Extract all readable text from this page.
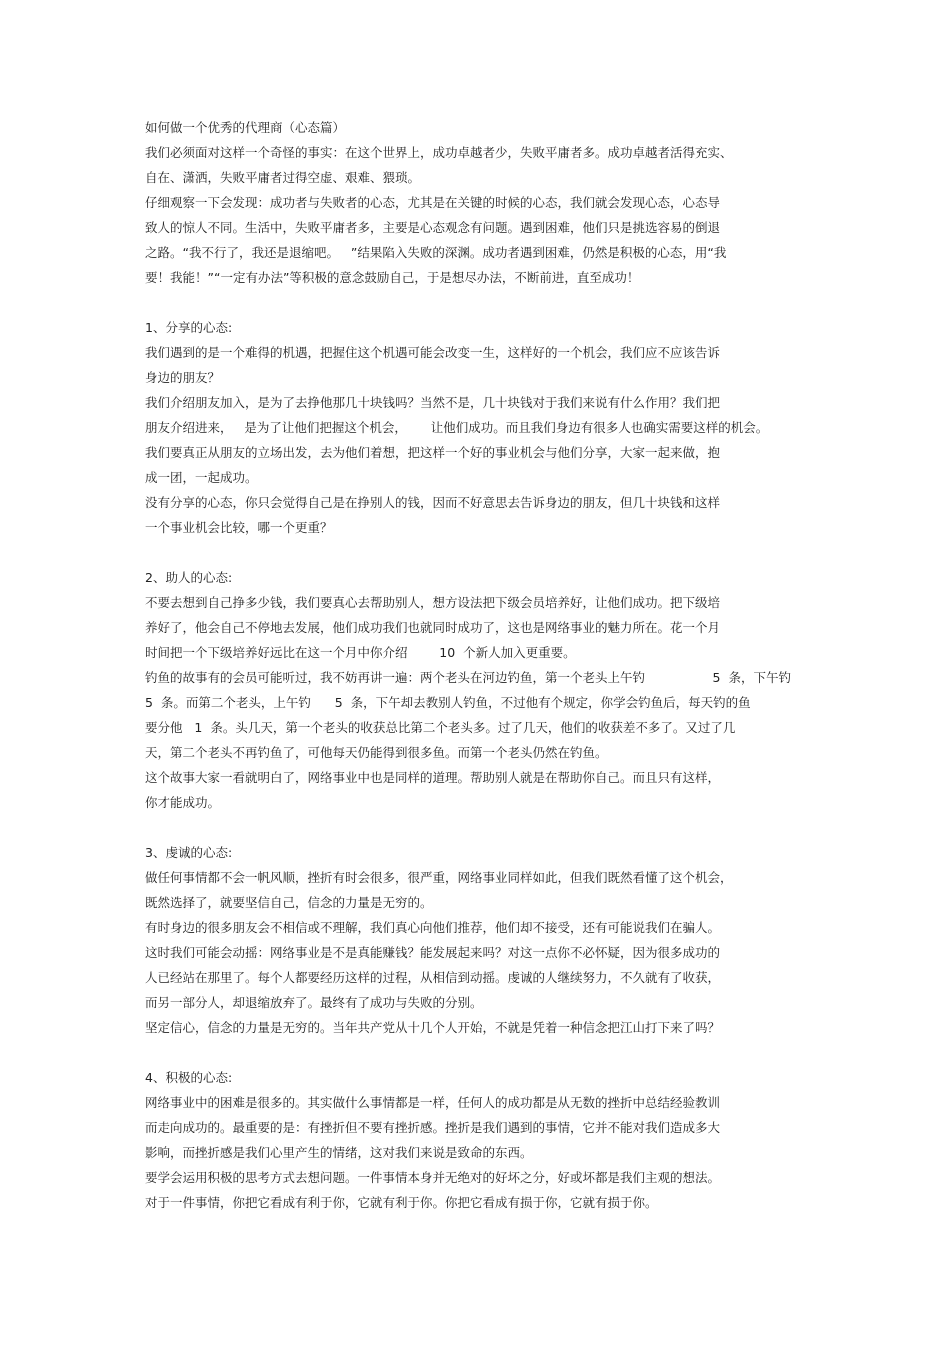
如何做一个优秀的代理商（心态篇）
我们必须面对这样一个奇怪的事实：在这个世界上，成功卓越者少，失败平庸者多。成功卓越者活得充实、
自在、潇洒，失败平庸者过得空虚、艰难、猥琐。
仔细观察一下会发现：成功者与失败者的心态，尤其是在关键的时候的心态，我们就会发现心态，心态导
致人的惊人不同。生活中，失败平庸者多，主要是心态观念有问题。遇到困难，他们只是挑选容易的倒退
之路。“我不行了，我还是退缩吧。   ”结果陷入失败的深渊。成功者遇到困难，仍然是积极的心态，用“我
要！我能！”“一定有办法”等积极的意念鼓励自己，于是想尽办法，不断前进，直至成功！
1、分享的心态:
我们遇到的是一个难得的机遇，把握住这个机遇可能会改变一生，这样好的一个机会，我们应不应该告诉
身边的朋友？
我们介绍朋友加入，是为了去挣他那几十块钱吗？当然不是，几十块钱对于我们来说有什么作用？我们把
朋友介绍进来，   是为了让他们把握这个机会，      让他们成功。而且我们身边有很多人也确实需要这样的机会。
我们要真正从朋友的立场出发，去为他们着想，把这样一个好的事业机会与他们分享，大家一起来做，抱
成一团，一起成功。
没有分享的心态，你只会觉得自己是在挣别人的钱，因而不好意思去告诉身边的朋友，但几十块钱和这样
一个事业机会比较，哪一个更重？
2、助人的心态:
不要去想到自己挣多少钱，我们要真心去帮助别人，想方设法把下级会员培养好，让他们成功。把下级培
养好了，他会自己不停地去发展，他们成功我们也就同时成功了，这也是网络事业的魅力所在。花一个月
时间把一个下级培养好远比在这一个月中你介绍        10  个新人加入更重要。
钓鱼的故事有的会员可能听过，我不妨再讲一遍：两个老头在河边钓鱼，第一个老头上午钓                 5  条，下午钓
5  条。而第二个老头，上午钓      5  条，下午却去教别人钓鱼，不过他有个规定，你学会钓鱼后，每天钓的鱼
要分他   1  条。头几天，第一个老头的收获总比第二个老头多。过了几天，他们的收获差不多了。又过了几
天，第二个老头不再钓鱼了，可他每天仍能得到很多鱼。而第一个老头仍然在钓鱼。
这个故事大家一看就明白了，网络事业中也是同样的道理。帮助别人就是在帮助你自己。而且只有这样，
你才能成功。
3、虔诚的心态:
做任何事情都不会一帆风顺，挫折有时会很多，很严重，网络事业同样如此，但我们既然看懂了这个机会，
既然选择了，就要坚信自己，信念的力量是无穷的。
有时身边的很多朋友会不相信或不理解，我们真心向他们推荐，他们却不接受，还有可能说我们在骗人。
这时我们可能会动摇：网络事业是不是真能赚钱？能发展起来吗？对这一点你不必怀疑，因为很多成功的
人已经站在那里了。每个人都要经历这样的过程，从相信到动摇。虔诚的人继续努力，不久就有了收获，
而另一部分人，却退缩放弃了。最终有了成功与失败的分别。
坚定信心，信念的力量是无穷的。当年共产党从十几个人开始，不就是凭着一种信念把江山打下来了吗？
4、积极的心态:
网络事业中的困难是很多的。其实做什么事情都是一样，任何人的成功都是从无数的挫折中总结经验教训
而走向成功的。最重要的是：有挫折但不要有挫折感。挫折是我们遇到的事情，它并不能对我们造成多大
影响，而挫折感是我们心里产生的情绪，这对我们来说是致命的东西。
要学会运用积极的思考方式去想问题。一件事情本身并无绝对的好坏之分，好或坏都是我们主观的想法。
对于一件事情，你把它看成有利于你，它就有利于你。你把它看成有损于你，它就有损于你。
